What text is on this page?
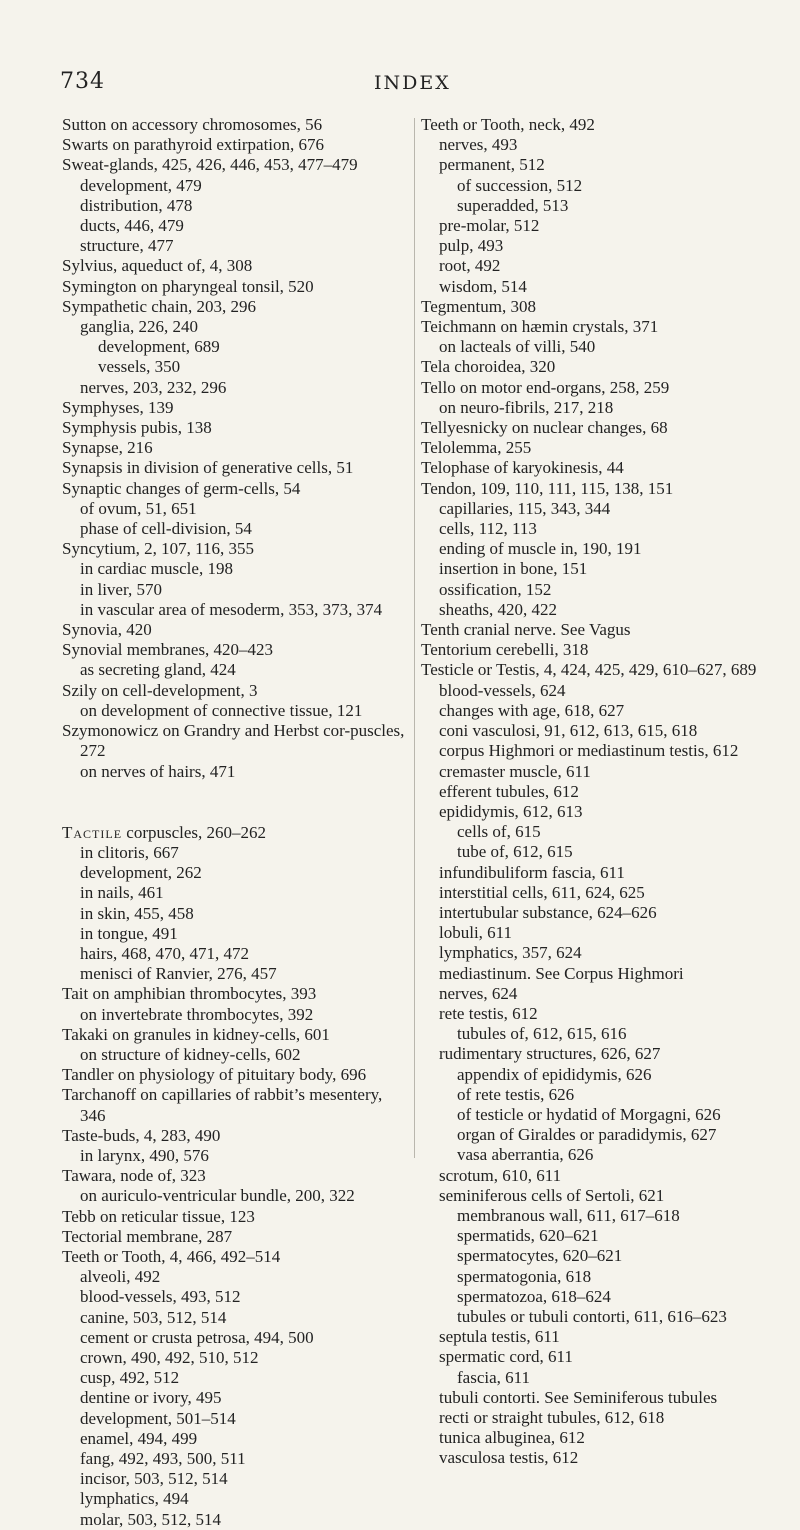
734	INDEX
Sutton on accessory chromosomes, 56
Swarts on parathyroid extirpation, 676
Sweat-glands, 425, 426, 446, 453, 477–479
development, 479
distribution, 478
ducts, 446, 479
structure, 477
Sylvius, aqueduct of, 4, 308
Symington on pharyngeal tonsil, 520
Sympathetic chain, 203, 296
ganglia, 226, 240
development, 689
vessels, 350
nerves, 203, 232, 296
Symphyses, 139
Symphysis pubis, 138
Synapse, 216
Synapsis in division of generative cells, 51
Synaptic changes of germ-cells, 54
of ovum, 51, 651
phase of cell-division, 54
Syncytium, 2, 107, 116, 355
in cardiac muscle, 198
in liver, 570
in vascular area of mesoderm, 353, 373, 374
Synovia, 420
Synovial membranes, 420–423
as secreting gland, 424
Szily on cell-development, 3
on development of connective tissue, 121
Szymonowicz on Grandry and Herbst cor-puscles, 272
on nerves of hairs, 471
Tactile corpuscles, 260–262
in clitoris, 667
development, 262
in nails, 461
in skin, 455, 458
in tongue, 491
hairs, 468, 470, 471, 472
menisci of Ranvier, 276, 457
Tait on amphibian thrombocytes, 393
on invertebrate thrombocytes, 392
Takaki on granules in kidney-cells, 601
on structure of kidney-cells, 602
Tandler on physiology of pituitary body, 696
Tarchanoff on capillaries of rabbit’s mesentery, 346
Taste-buds, 4, 283, 490
in larynx, 490, 576
Tawara, node of, 323
on auriculo-ventricular bundle, 200, 322
Tebb on reticular tissue, 123
Tectorial membrane, 287
Teeth or Tooth, 4, 466, 492–514
alveoli, 492
blood-vessels, 493, 512
canine, 503, 512, 514
cement or crusta petrosa, 494, 500
crown, 490, 492, 510, 512
cusp, 492, 512
dentine or ivory, 495
development, 501–514
enamel, 494, 499
fang, 492, 493, 500, 511
incisor, 503, 512, 514
lymphatics, 494
molar, 503, 512, 514
Teeth or Tooth, neck, 492
nerves, 493
permanent, 512
of succession, 512
superadded, 513
pre-molar, 512
pulp, 493
root, 492
wisdom, 514
Tegmentum, 308
Teichmann on hæmin crystals, 371
on lacteals of villi, 540
Tela choroidea, 320
Tello on motor end-organs, 258, 259
on neuro-fibrils, 217, 218
Tellyesnicky on nuclear changes, 68
Telolemma, 255
Telophase of karyokinesis, 44
Tendon, 109, 110, 111, 115, 138, 151
capillaries, 115, 343, 344
cells, 112, 113
ending of muscle in, 190, 191
insertion in bone, 151
ossification, 152
sheaths, 420, 422
Tenth cranial nerve. See Vagus
Tentorium cerebelli, 318
Testicle or Testis, 4, 424, 425, 429, 610–627, 689
blood-vessels, 624
changes with age, 618, 627
coni vasculosi, 91, 612, 613, 615, 618
corpus Highmori or mediastinum testis, 612
cremaster muscle, 611
efferent tubules, 612
epididymis, 612, 613
cells of, 615
tube of, 612, 615
infundibuliform fascia, 611
interstitial cells, 611, 624, 625
intertubular substance, 624–626
lobuli, 611
lymphatics, 357, 624
mediastinum. See Corpus Highmori
nerves, 624
rete testis, 612
tubules of, 612, 615, 616
rudimentary structures, 626, 627
appendix of epididymis, 626
of rete testis, 626
of testicle or hydatid of Morgagni, 626
organ of Giraldes or paradidymis, 627
vasa aberrantia, 626
scrotum, 610, 611
seminiferous cells of Sertoli, 621
membranous wall, 611, 617–618
spermatids, 620–621
spermatocytes, 620–621
spermatogonia, 618
spermatozoa, 618–624
tubules or tubuli contorti, 611, 616–623
septula testis, 611
spermatic cord, 611
fascia, 611
tubuli contorti. See Seminiferous tubules
recti or straight tubules, 612, 618
tunica albuginea, 612
vasculosa testis, 612
